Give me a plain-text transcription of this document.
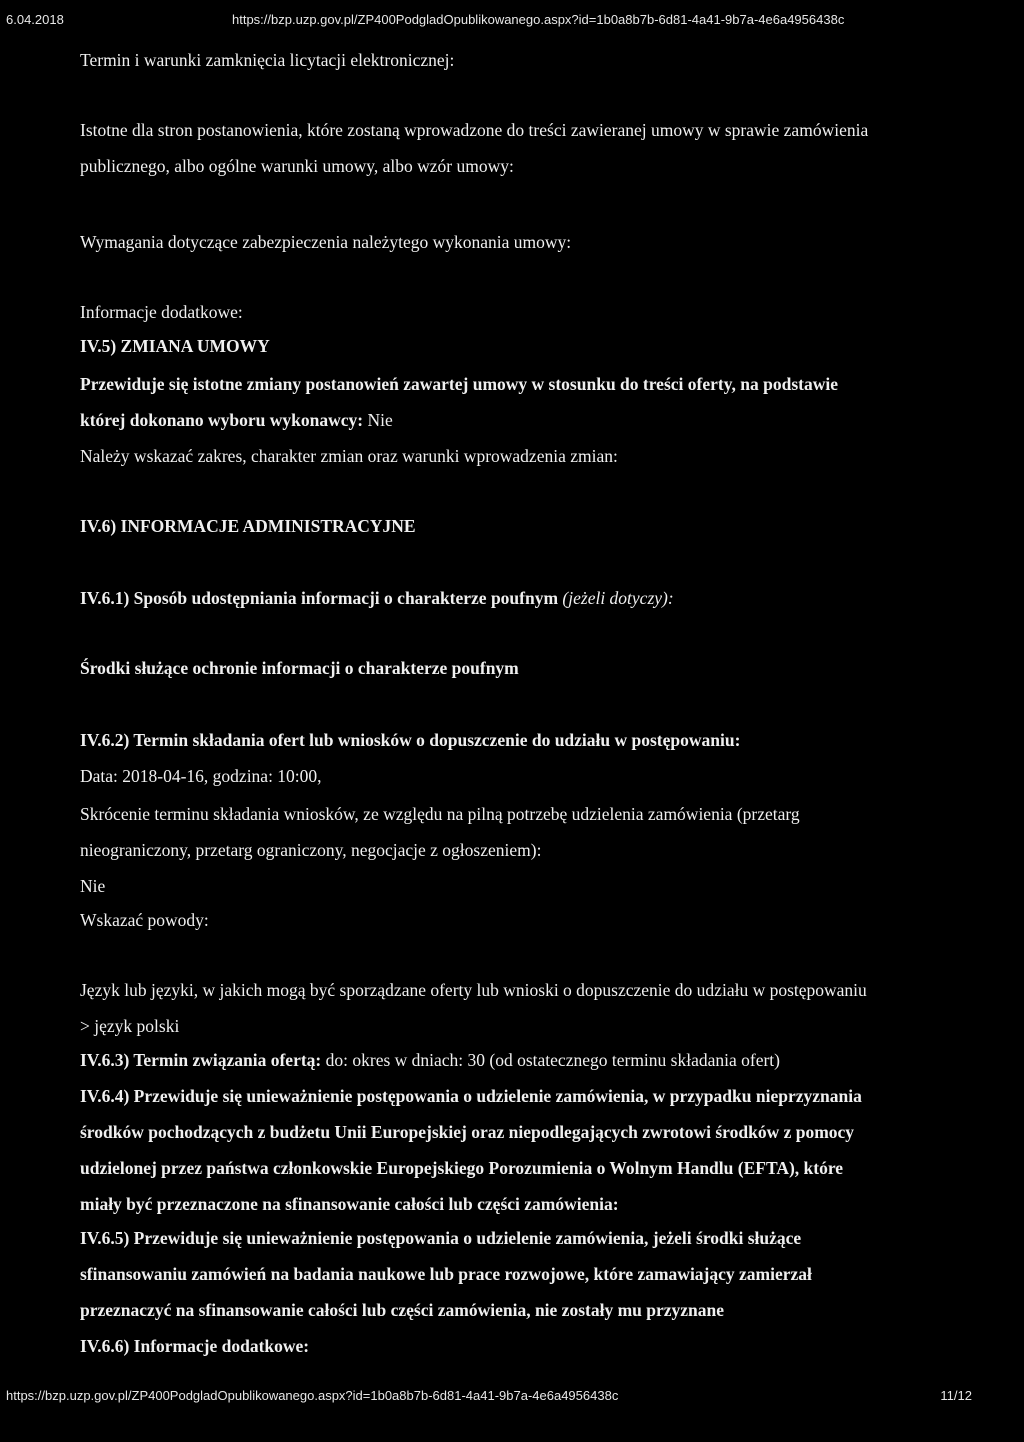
6.04.2018	https://bzp.uzp.gov.pl/ZP400PodgladOpublikowanego.aspx?id=1b0a8b7b-6d81-4a41-9b7a-4e6a4956438c
Termin i warunki zamknięcia licytacji elektronicznej:
Istotne dla stron postanowienia, które zostaną wprowadzone do treści zawieranej umowy w sprawie zamówienia
publicznego, albo ogólne warunki umowy, albo wzór umowy:
Wymagania dotyczące zabezpieczenia należytego wykonania umowy:
Informacje dodatkowe:
IV.5) ZMIANA UMOWY
Przewiduje się istotne zmiany postanowień zawartej umowy w stosunku do treści oferty, na podstawie
której dokonano wyboru wykonawcy: Nie
Należy wskazać zakres, charakter zmian oraz warunki wprowadzenia zmian:
IV.6) INFORMACJE ADMINISTRACYJNE
IV.6.1) Sposób udostępniania informacji o charakterze poufnym (jeżeli dotyczy):
Środki służące ochronie informacji o charakterze poufnym
IV.6.2) Termin składania ofert lub wniosków o dopuszczenie do udziału w postępowaniu:
Data: 2018-04-16, godzina: 10:00,
Skrócenie terminu składania wniosków, ze względu na pilną potrzebę udzielenia zamówienia (przetarg
nieograniczony, przetarg ograniczony, negocjacje z ogłoszeniem):
Nie
Wskazać powody:
Język lub języki, w jakich mogą być sporządzane oferty lub wnioski o dopuszczenie do udziału w postępowaniu
> język polski
IV.6.3) Termin związania ofertą: do: okres w dniach: 30 (od ostatecznego terminu składania ofert)
IV.6.4) Przewiduje się unieważnienie postępowania o udzielenie zamówienia, w przypadku nieprzyznania
środków pochodzących z budżetu Unii Europejskiej oraz niepodlegających zwrotowi środków z pomocy
udzielonej przez państwa członkowskie Europejskiego Porozumienia o Wolnym Handlu (EFTA), które
miały być przeznaczone na sfinansowanie całości lub części zamówienia:
IV.6.5) Przewiduje się unieważnienie postępowania o udzielenie zamówienia, jeżeli środki służące
sfinansowaniu zamówień na badania naukowe lub prace rozwojowe, które zamawiający zamierzał
przeznaczyć na sfinansowanie całości lub części zamówienia, nie zostały mu przyznane
IV.6.6) Informacje dodatkowe:
https://bzp.uzp.gov.pl/ZP400PodgladOpublikowanego.aspx?id=1b0a8b7b-6d81-4a41-9b7a-4e6a4956438c	11/12
